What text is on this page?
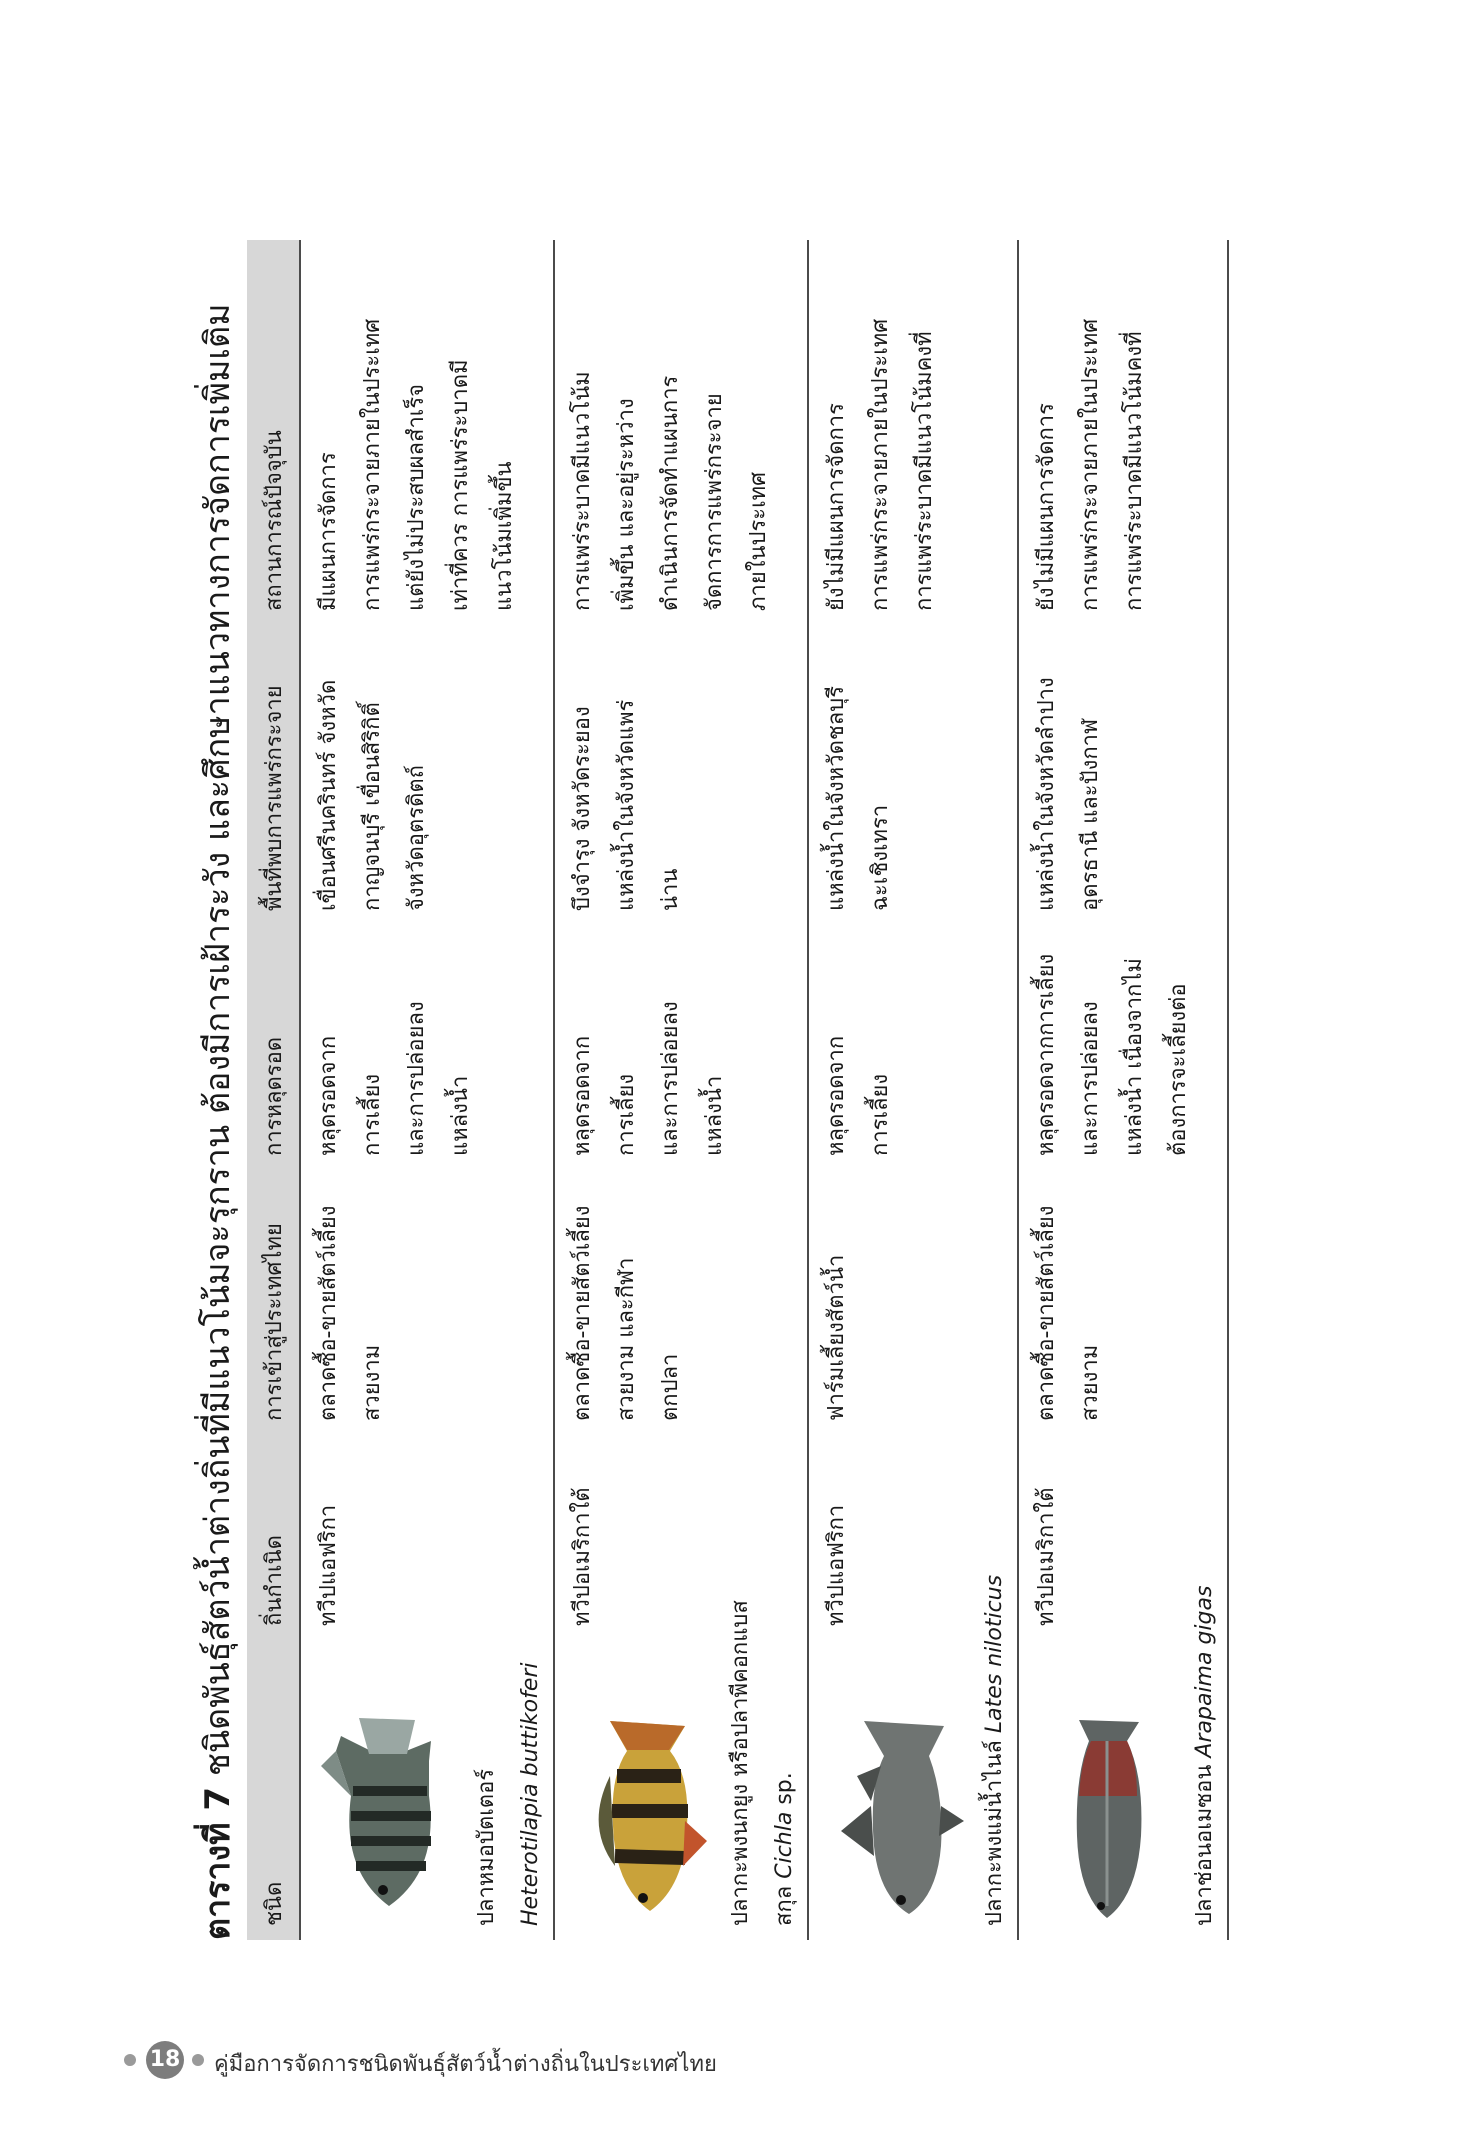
ตารางที่ 7 ชนิดพันธุ์สัตว์น้ำต่างถิ่นที่มีแนวโน้มจะรุกราน ต้องมีการเฝ้าระวัง และศึกษาแนวทางการจัดการเพิ่มเติม
ชนิด	ถิ่นกำเนิด	การเข้าสู่ประเทศไทย	การหลุดรอด	พื้นที่พบการแพร่กระจาย	สถานการณ์ปัจจุบัน

ปลาหมอบัตเตอร์ Heterotilapia buttikoferi	ทวีปแอฟริกา	ตลาดซื้อ-ขายสัตว์เลี้ยง สวยงาม	หลุดรอดจาก การเลี้ยง และการปล่อยลง แหล่งน้ำ	เขื่อนศรีนครินทร์ จังหวัด กาญจนบุรี เขื่อนสิริกิติ์ จังหวัดอุตรดิตถ์	มีแผนการจัดการ การแพร่กระจายภายในประเทศ แต่ยังไม่ประสบผลสำเร็จ เท่าที่ควร การแพร่ระบาดมี แนวโน้มเพิ่มขึ้น

ปลากะพงนกยูง หรือปลาพีคอกแบส สกุล Cichla sp.	ทวีปอเมริกาใต้	ตลาดซื้อ-ขายสัตว์เลี้ยง สวยงาม และกีฬา ตกปลา	หลุดรอดจาก การเลี้ยง และการปล่อยลง แหล่งน้ำ	บึงจำรุง จังหวัดระยอง แหล่งน้ำในจังหวัดแพร่ น่าน	การแพร่ระบาดมีแนวโน้ม เพิ่มขึ้น และอยู่ระหว่าง ดำเนินการจัดทำแผนการ จัดการการแพร่กระจาย ภายในประเทศ

ปลากะพงแม่น้ำไนล์ Lates niloticus	ทวีปแอฟริกา	ฟาร์มเลี้ยงสัตว์น้ำ	หลุดรอดจาก การเลี้ยง	แหล่งน้ำในจังหวัดชลบุรี ฉะเชิงเทรา	ยังไม่มีแผนการจัดการ การแพร่กระจายภายในประเทศ การแพร่ระบาดมีแนวโน้มคงที่

ปลาช่อนอเมซอน Arapaima gigas	ทวีปอเมริกาใต้	ตลาดซื้อ-ขายสัตว์เลี้ยง สวยงาม	หลุดรอดจากการเลี้ยง และการปล่อยลง แหล่งน้ำ เนื่องจากไม่ ต้องการจะเลี้ยงต่อ	แหล่งน้ำในจังหวัดลำปาง อุดรธานี และปังกาฬ	ยังไม่มีแผนการจัดการ การแพร่กระจายภายในประเทศ การแพร่ระบาดมีแนวโน้มคงที่
18 คู่มือการจัดการชนิดพันธุ์สัตว์น้ำต่างถิ่นในประเทศไทย
